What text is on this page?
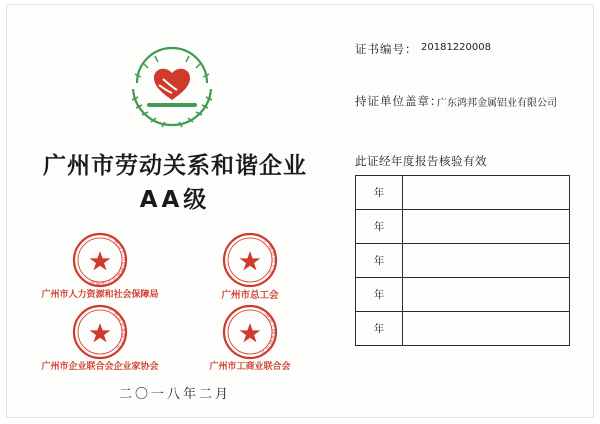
广州市劳动关系和谐企业
AA级
广州市人力资源和社会保障局
广州市人力资源和社会保障局
广州市总工会
广州市总工会
广州市企业联合会
广州市企业联合会企业家协会
广州市工商业联合会
广州市工商业联合会
二〇一八年二月
证书编号： 20181220008
持证单位盖章：
广东鸿邦金属铝业有限公司
此证经年度报告核验有效
年	
年	
年	
年	
年	
